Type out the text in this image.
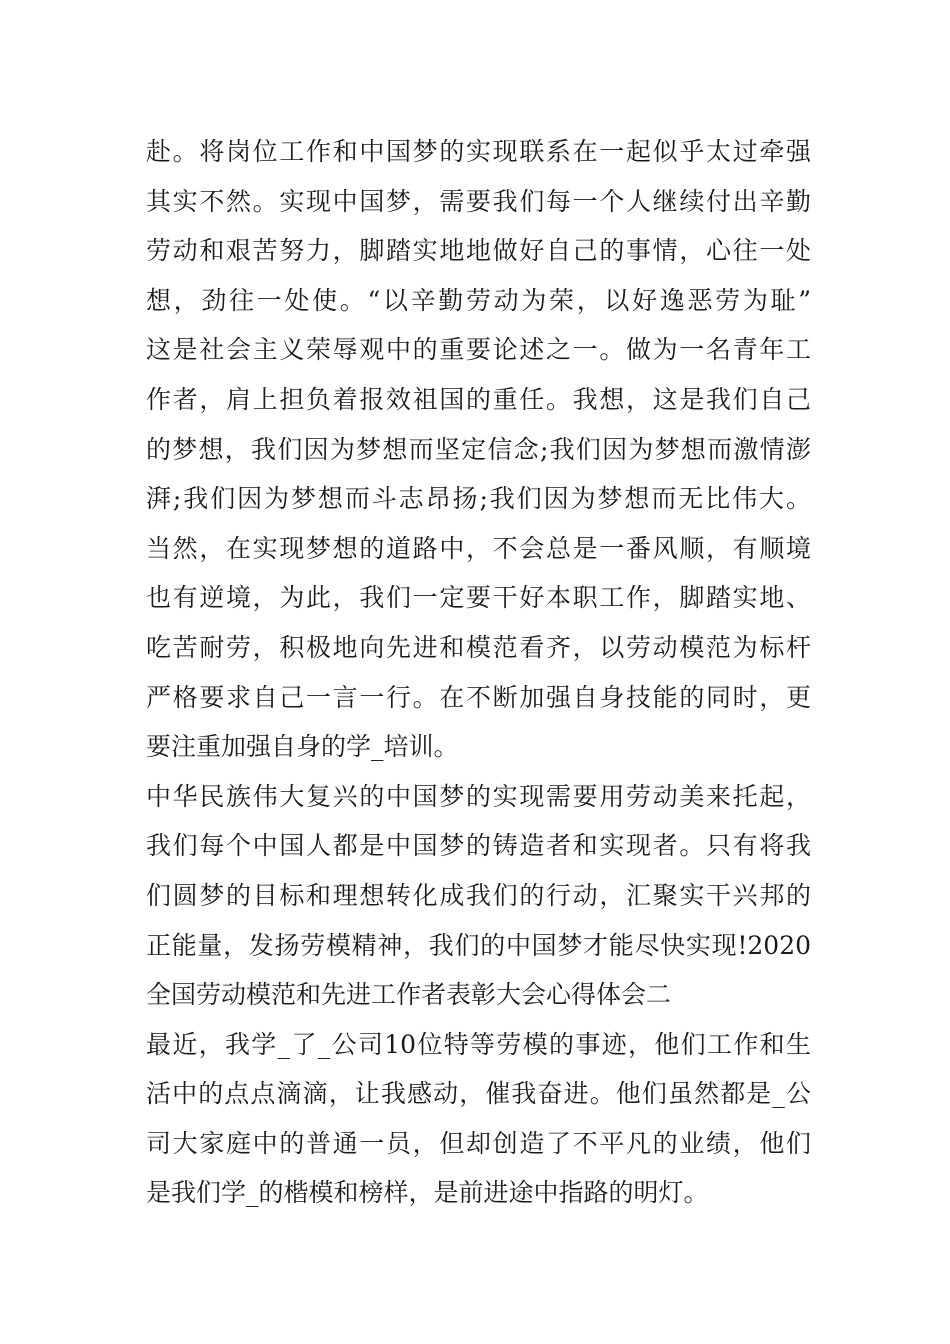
赴。将岗位工作和中国梦的实现联系在一起似乎太过牵强
其实不然。实现中国梦，需要我们每一个人继续付出辛勤
劳动和艰苦努力，脚踏实地地做好自己的事情，心往一处
想，劲往一处使。“以辛勤劳动为荣，以好逸恶劳为耻”
这是社会主义荣辱观中的重要论述之一。做为一名青年工
作者，肩上担负着报效祖国的重任。我想，这是我们自己
的梦想，我们因为梦想而坚定信念;我们因为梦想而激情澎
湃;我们因为梦想而斗志昂扬;我们因为梦想而无比伟大。
当然，在实现梦想的道路中，不会总是一番风顺，有顺境
也有逆境，为此，我们一定要干好本职工作，脚踏实地、
吃苦耐劳，积极地向先进和模范看齐，以劳动模范为标杆
严格要求自己一言一行。在不断加强自身技能的同时，更
要注重加强自身的学_培训。
中华民族伟大复兴的中国梦的实现需要用劳动美来托起，
我们每个中国人都是中国梦的铸造者和实现者。只有将我
们圆梦的目标和理想转化成我们的行动，汇聚实干兴邦的
正能量，发扬劳模精神，我们的中国梦才能尽快实现!2020
全国劳动模范和先进工作者表彰大会心得体会二
最近，我学_了_公司10位特等劳模的事迹，他们工作和生
活中的点点滴滴，让我感动，催我奋进。他们虽然都是_公
司大家庭中的普通一员，但却创造了不平凡的业绩，他们
是我们学_的楷模和榜样，是前进途中指路的明灯。
